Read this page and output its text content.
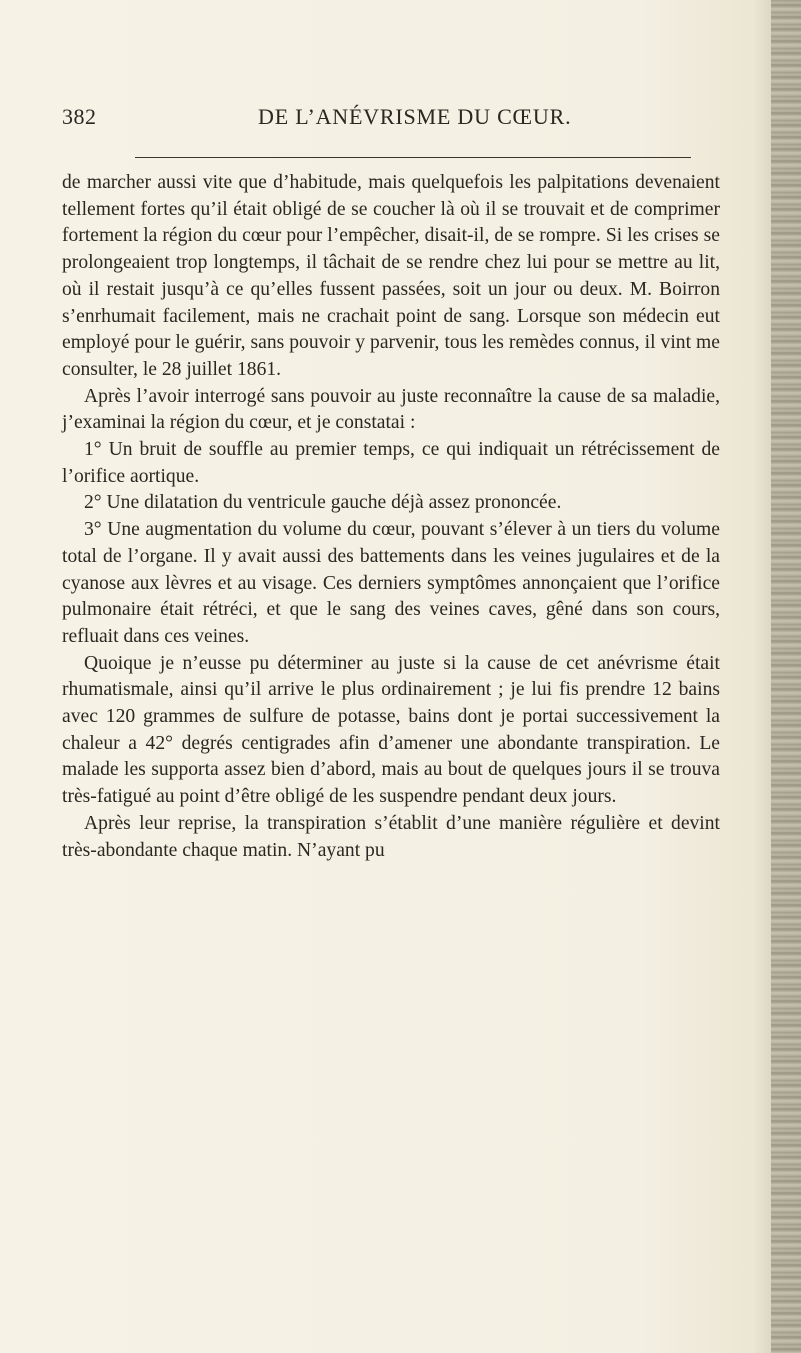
382	DE L’ANÉVRISME DU CŒUR.

de marcher aussi vite que d’habitude, mais quelquefois les palpitations devenaient tellement fortes qu’il était obligé de se coucher là où il se trouvait et de comprimer fortement la région du cœur pour l’empêcher, disait-il, de se rompre. Si les crises se prolongeaient trop longtemps, il tâchait de se rendre chez lui pour se mettre au lit, où il restait jusqu’à ce qu’elles fussent passées, soit un jour ou deux. M. Boirron s’enrhumait facilement, mais ne crachait point de sang. Lorsque son médecin eut employé pour le guérir, sans pouvoir y parvenir, tous les remèdes connus, il vint me consulter, le 28 juillet 1861.

Après l’avoir interrogé sans pouvoir au juste reconnaître la cause de sa maladie, j’examinai la région du cœur, et je constatai :

1° Un bruit de souffle au premier temps, ce qui indiquait un rétrécissement de l’orifice aortique.

2° Une dilatation du ventricule gauche déjà assez prononcée.

3° Une augmentation du volume du cœur, pouvant s’élever à un tiers du volume total de l’organe. Il y avait aussi des battements dans les veines jugulaires et de la cyanose aux lèvres et au visage. Ces derniers symptômes annonçaient que l’orifice pulmonaire était rétréci, et que le sang des veines caves, gêné dans son cours, refluait dans ces veines.

Quoique je n’eusse pu déterminer au juste si la cause de cet anévrisme était rhumatismale, ainsi qu’il arrive le plus ordinairement ; je lui fis prendre 12 bains avec 120 grammes de sulfure de potasse, bains dont je portai successivement la chaleur a 42° degrés centigrades afin d’amener une abondante transpiration. Le malade les supporta assez bien d’abord, mais au bout de quelques jours il se trouva très-fatigué au point d’être obligé de les suspendre pendant deux jours.

Après leur reprise, la transpiration s’établit d’une manière régulière et devint très-abondante chaque matin. N’ayant pu
